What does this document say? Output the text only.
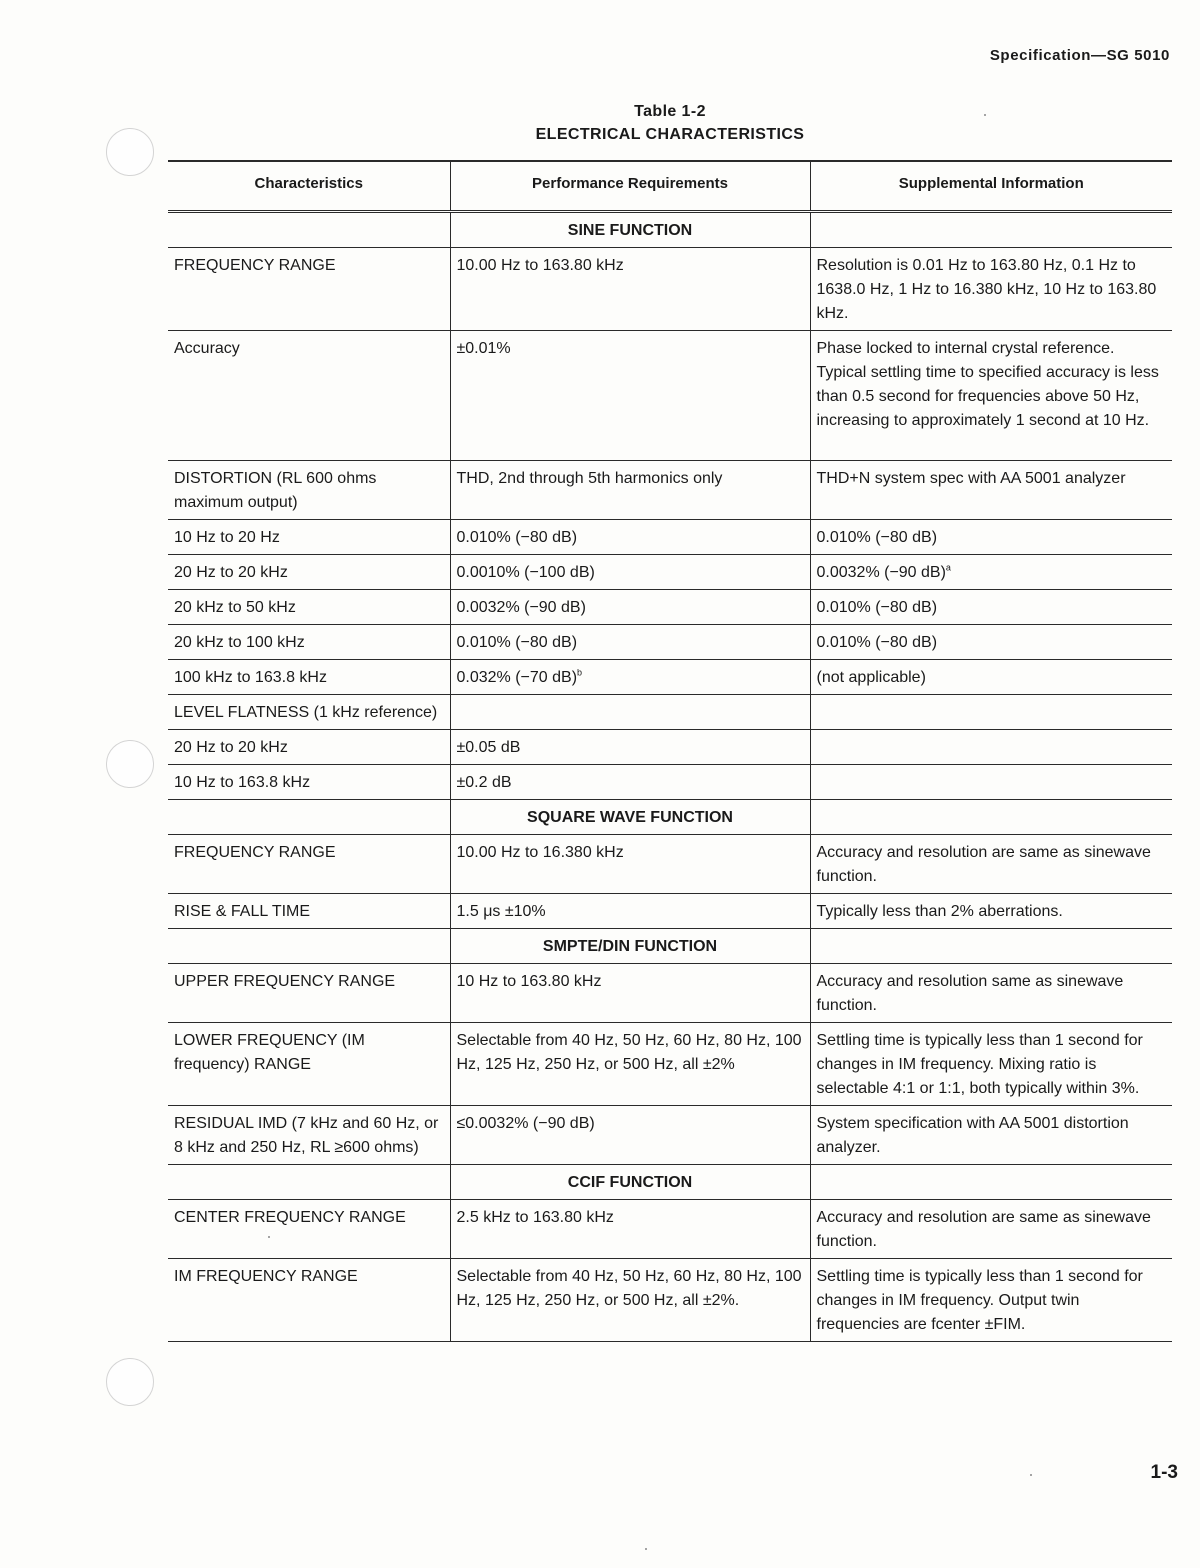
Specification—SG 5010
Table 1-2
ELECTRICAL CHARACTERISTICS
Characteristics	Performance Requirements	Supplemental Information
	SINE FUNCTION	
FREQUENCY RANGE	10.00 Hz to 163.80 kHz	Resolution is 0.01 Hz to 163.80 Hz, 0.1 Hz to 1638.0 Hz, 1 Hz to 16.380 kHz, 10 Hz to 163.80 kHz.
Accuracy	±0.01%	Phase locked to internal crystal reference. Typical settling time to specified accuracy is less than 0.5 second for frequencies above 50 Hz, increasing to approximately 1 second at 10 Hz.
DISTORTION (RL 600 ohms maximum output)	THD, 2nd through 5th harmonics only	THD+N system spec with AA 5001 analyzer
10 Hz to 20 Hz	0.010% (−80 dB)	0.010% (−80 dB)
20 Hz to 20 kHz	0.0010% (−100 dB)	0.0032% (−90 dB)$^a$
20 kHz to 50 kHz	0.0032% (−90 dB)	0.010% (−80 dB)
20 kHz to 100 kHz	0.010% (−80 dB)	0.010% (−80 dB)
100 kHz to 163.8 kHz	0.032% (−70 dB)$^b$	(not applicable)
LEVEL FLATNESS (1 kHz reference)		
20 Hz to 20 kHz	±0.05 dB	
10 Hz to 163.8 kHz	±0.2 dB	
	SQUARE WAVE FUNCTION	
FREQUENCY RANGE	10.00 Hz to 16.380 kHz	Accuracy and resolution are same as sinewave function.
RISE & FALL TIME	1.5 μs ±10%	Typically less than 2% aberrations.
	SMPTE/DIN FUNCTION	
UPPER FREQUENCY RANGE	10 Hz to 163.80 kHz	Accuracy and resolution same as sinewave function.
LOWER FREQUENCY (IM frequency) RANGE	Selectable from 40 Hz, 50 Hz, 60 Hz, 80 Hz, 100 Hz, 125 Hz, 250 Hz, or 500 Hz, all ±2%	Settling time is typically less than 1 second for changes in IM frequency. Mixing ratio is selectable 4:1 or 1:1, both typically within 3%.
RESIDUAL IMD (7 kHz and 60 Hz, or 8 kHz and 250 Hz, RL ≥600 ohms)	≤0.0032% (−90 dB)	System specification with AA 5001 distortion analyzer.
	CCIF FUNCTION	
CENTER FREQUENCY RANGE	2.5 kHz to 163.80 kHz	Accuracy and resolution are same as sinewave function.
IM FREQUENCY RANGE	Selectable from 40 Hz, 50 Hz, 60 Hz, 80 Hz, 100 Hz, 125 Hz, 250 Hz, or 500 Hz, all ±2%.	Settling time is typically less than 1 second for changes in IM frequency. Output twin frequencies are fcenter ±FIM.
1-3
